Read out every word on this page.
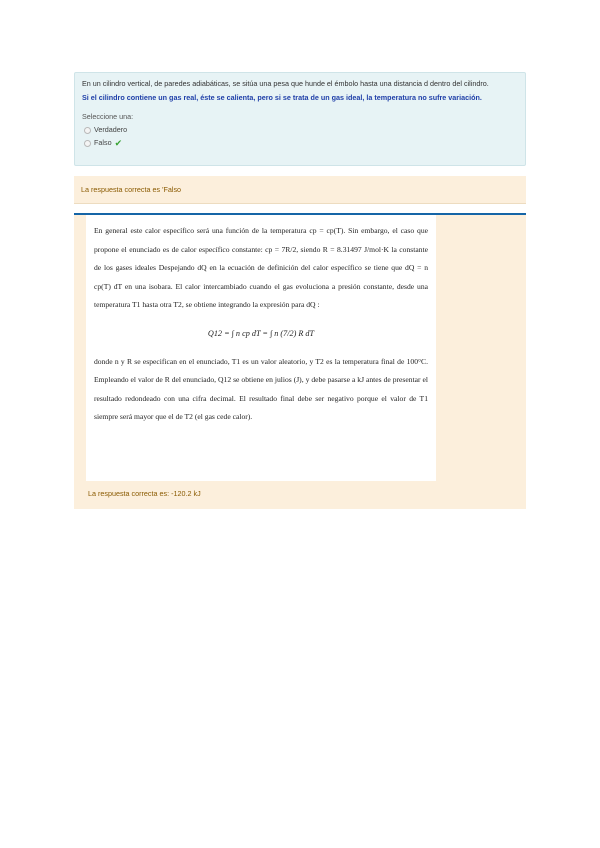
En un cilindro vertical, de paredes adiabáticas, se sitúa una pesa que hunde el émbolo hasta una distancia d dentro del cilindro.

Si el cilindro contiene un gas real, éste se calienta, pero si se trata de un gas ideal, la temperatura no sufre variación.

Seleccione una:

Verdadero
Falso ✔
La respuesta correcta es 'Falso

En general este calor específico será una función de la temperatura cp = cp(T). Sin embargo, el caso que propone el enunciado es de calor específico constante: cp = 7R/2, siendo R = 8.31497 J/mol·K la constante de los gases ideales Despejando dQ en la ecuación de definición del calor específico se tiene que dQ = n cp(T) dT en una isobara. El calor intercambiado cuando el gas evoluciona a presión constante, desde una temperatura T1 hasta otra T2, se obtiene integrando la expresión para dQ :

Q12 = ∫ n cp dT = ∫ n (7/2) R dT

donde n y R se especifican en el enunciado, T1 es un valor aleatorio, y T2 es la temperatura final de 100°C. Empleando el valor de R del enunciado, Q12 se obtiene en julios (J), y debe pasarse a kJ antes de presentar el resultado redondeado con una cifra decimal. El resultado final debe ser negativo porque el valor de T1 siempre será mayor que el de T2 (el gas cede calor).

La respuesta correcta es: -120.2 kJ
